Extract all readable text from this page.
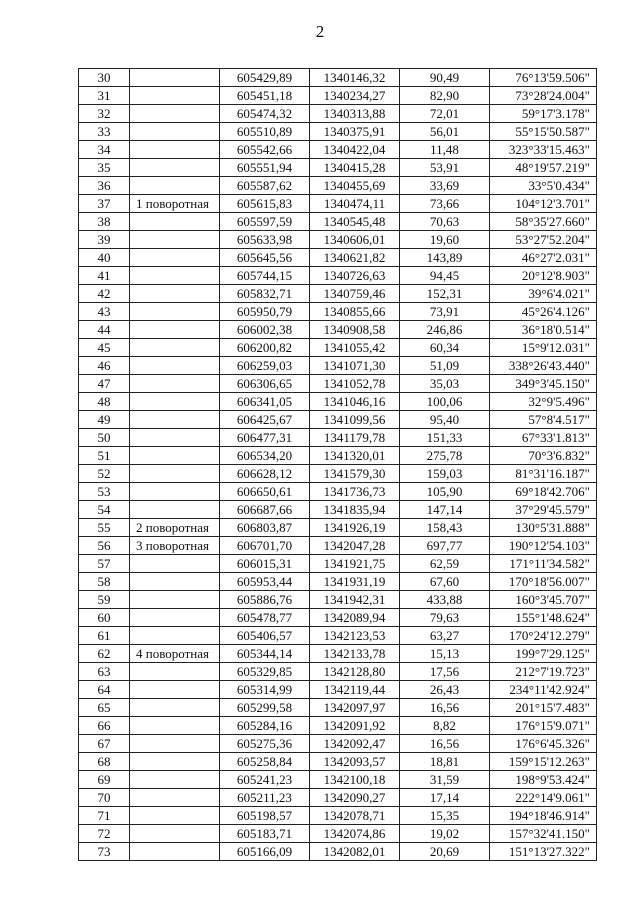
2
30		605429,89	1340146,32	90,49	76°13'59.506"
31		605451,18	1340234,27	82,90	73°28'24.004"
32		605474,32	1340313,88	72,01	59°17'3.178"
33		605510,89	1340375,91	56,01	55°15'50.587"
34		605542,66	1340422,04	11,48	323°33'15.463"
35		605551,94	1340415,28	53,91	48°19'57.219"
36		605587,62	1340455,69	33,69	33°5'0.434"
37	1 поворотная	605615,83	1340474,11	73,66	104°12'3.701"
38		605597,59	1340545,48	70,63	58°35'27.660"
39		605633,98	1340606,01	19,60	53°27'52.204"
40		605645,56	1340621,82	143,89	46°27'2.031"
41		605744,15	1340726,63	94,45	20°12'8.903"
42		605832,71	1340759,46	152,31	39°6'4.021"
43		605950,79	1340855,66	73,91	45°26'4.126"
44		606002,38	1340908,58	246,86	36°18'0.514"
45		606200,82	1341055,42	60,34	15°9'12.031"
46		606259,03	1341071,30	51,09	338°26'43.440"
47		606306,65	1341052,78	35,03	349°3'45.150"
48		606341,05	1341046,16	100,06	32°9'5.496"
49		606425,67	1341099,56	95,40	57°8'4.517"
50		606477,31	1341179,78	151,33	67°33'1.813"
51		606534,20	1341320,01	275,78	70°3'6.832"
52		606628,12	1341579,30	159,03	81°31'16.187"
53		606650,61	1341736,73	105,90	69°18'42.706"
54		606687,66	1341835,94	147,14	37°29'45.579"
55	2 поворотная	606803,87	1341926,19	158,43	130°5'31.888"
56	3 поворотная	606701,70	1342047,28	697,77	190°12'54.103"
57		606015,31	1341921,75	62,59	171°11'34.582"
58		605953,44	1341931,19	67,60	170°18'56.007"
59		605886,76	1341942,31	433,88	160°3'45.707"
60		605478,77	1342089,94	79,63	155°1'48.624"
61		605406,57	1342123,53	63,27	170°24'12.279"
62	4 поворотная	605344,14	1342133,78	15,13	199°7'29.125"
63		605329,85	1342128,80	17,56	212°7'19.723"
64		605314,99	1342119,44	26,43	234°11'42.924"
65		605299,58	1342097,97	16,56	201°15'7.483"
66		605284,16	1342091,92	8,82	176°15'9.071"
67		605275,36	1342092,47	16,56	176°6'45.326"
68		605258,84	1342093,57	18,81	159°15'12.263"
69		605241,23	1342100,18	31,59	198°9'53.424"
70		605211,23	1342090,27	17,14	222°14'9.061"
71		605198,57	1342078,71	15,35	194°18'46.914"
72		605183,71	1342074,86	19,02	157°32'41.150"
73		605166,09	1342082,01	20,69	151°13'27.322"
